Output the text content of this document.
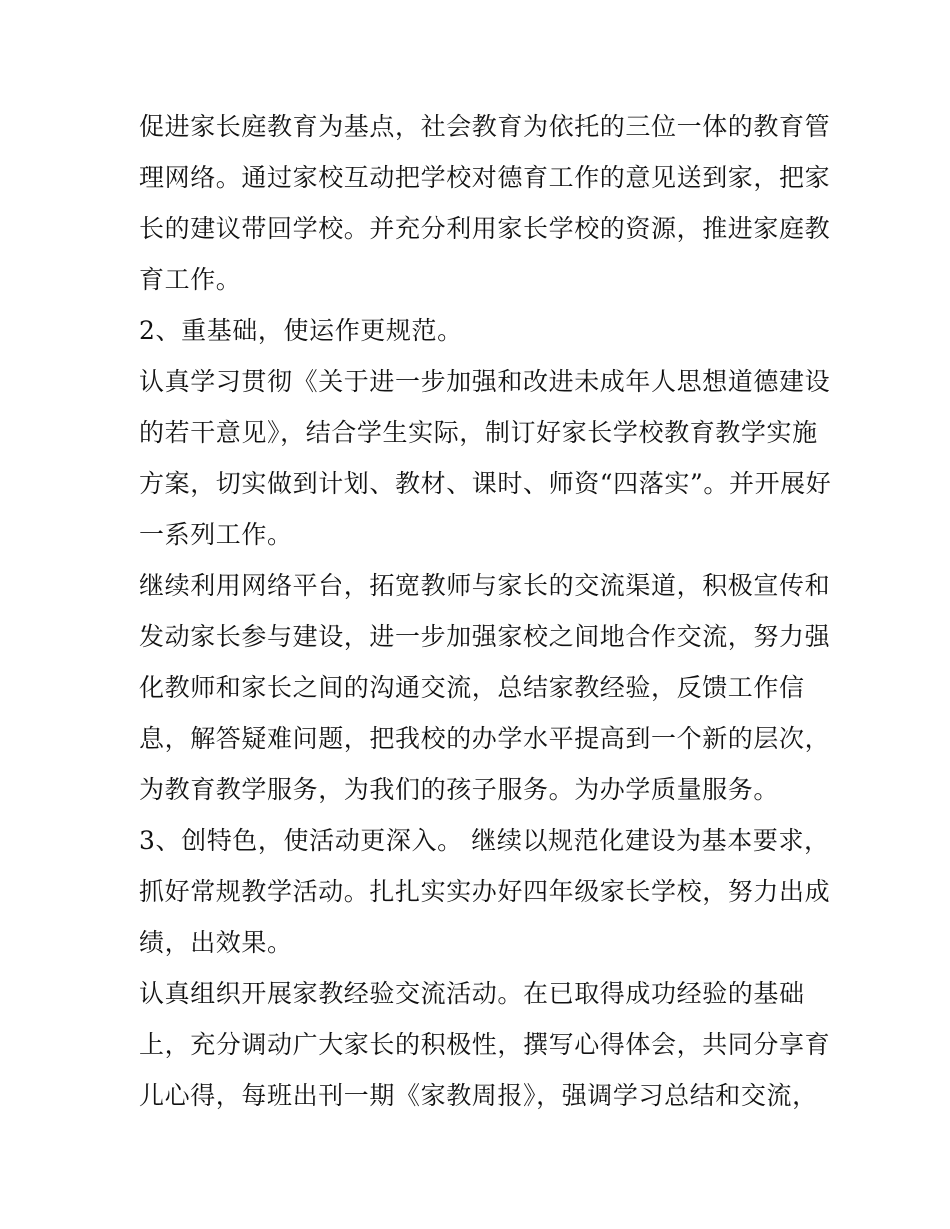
促进家长庭教育为基点，社会教育为依托的三位一体的教育管
理网络。通过家校互动把学校对德育工作的意见送到家，把家
长的建议带回学校。并充分利用家长学校的资源，推进家庭教
育工作。
2、重基础，使运作更规范。
认真学习贯彻《关于进一步加强和改进未成年人思想道德建设
的若干意见》，结合学生实际，制订好家长学校教育教学实施
方案，切实做到计划、教材、课时、师资“四落实”。并开展好
一系列工作。
继续利用网络平台，拓宽教师与家长的交流渠道，积极宣传和
发动家长参与建设，进一步加强家校之间地合作交流，努力强
化教师和家长之间的沟通交流，总结家教经验，反馈工作信
息，解答疑难问题，把我校的办学水平提高到一个新的层次，
为教育教学服务，为我们的孩子服务。为办学质量服务。
3、创特色，使活动更深入。 继续以规范化建设为基本要求，
抓好常规教学活动。扎扎实实办好四年级家长学校，努力出成
绩，出效果。
认真组织开展家教经验交流活动。在已取得成功经验的基础
上，充分调动广大家长的积极性，撰写心得体会，共同分享育
儿心得，每班出刊一期《家教周报》，强调学习总结和交流，
